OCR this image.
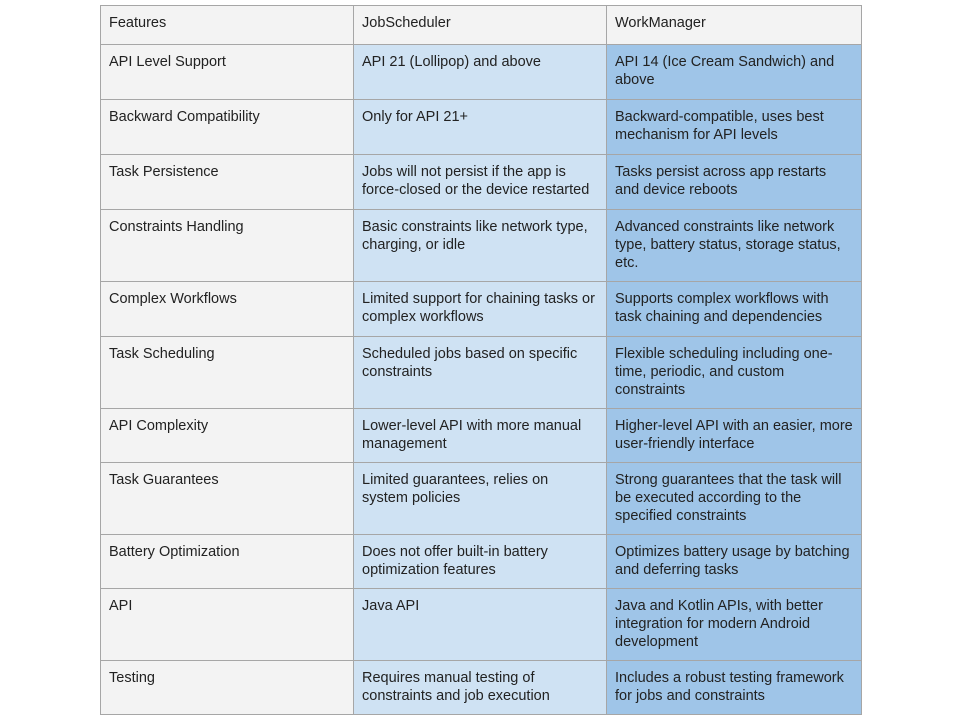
Features	JobScheduler	WorkManager
API Level Support	API 21 (Lollipop) and above	API 14 (Ice Cream Sandwich) and above
Backward Compatibility	Only for API 21+	Backward-compatible, uses best mechanism for API levels
Task Persistence	Jobs will not persist if the app is force-closed or the device restarted	Tasks persist across app restarts and device reboots
Constraints Handling	Basic constraints like network type, charging, or idle	Advanced constraints like network type, battery status, storage status, etc.
Complex Workflows	Limited support for chaining tasks or complex workflows	Supports complex workflows with task chaining and dependencies
Task Scheduling	Scheduled jobs based on specific constraints	Flexible scheduling including one-time, periodic, and custom constraints
API Complexity	Lower-level API with more manual management	Higher-level API with an easier, more user-friendly interface
Task Guarantees	Limited guarantees, relies on system policies	Strong guarantees that the task will be executed according to the specified constraints
Battery Optimization	Does not offer built-in battery optimization features	Optimizes battery usage by batching and deferring tasks
API	Java API	Java and Kotlin APIs, with better integration for modern Android development
Testing	Requires manual testing of constraints and job execution	Includes a robust testing framework for jobs and constraints
